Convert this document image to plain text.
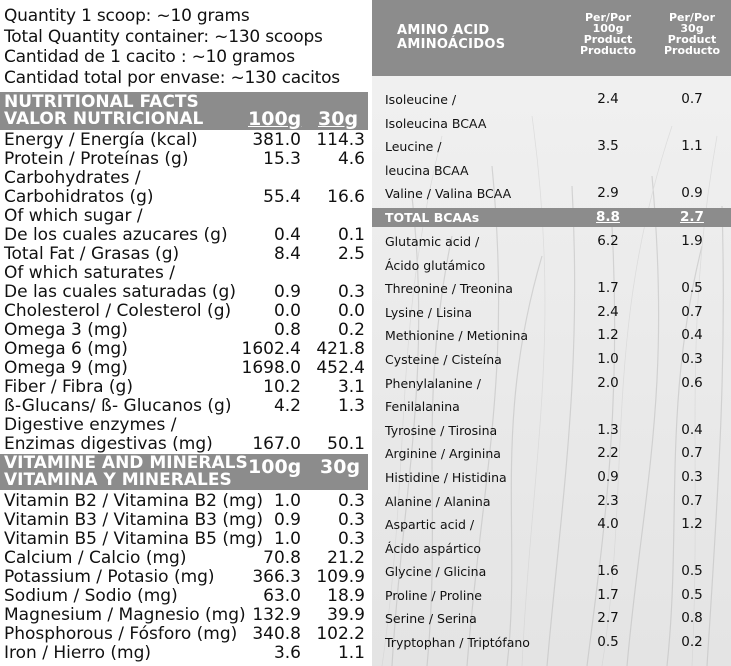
Quantity 1 scoop: ~10 grams
Total Quantity container: ~130 scoops
Cantidad de 1 cacito : ~10 gramos
Cantidad total por envase: ~130 cacitos
NUTRITIONAL FACTS
VALOR NUTRICIONAL 100g 30g
Energy / Energía (kcal)	381.0 114.3
Protein / Proteínas (g)	15.3 4.6
Carbohydrates /
Carbohidratos (g)	55.4 16.6
Of which sugar /
De los cuales azucares (g)	0.4 0.1
Total Fat / Grasas (g)	8.4 2.5
Of which saturates /
De las cuales saturadas (g) 0.9 0.3
Cholesterol / Colesterol (g)	0.0 0.0
Omega 3 (mg)	0.8 0.2
Omega 6 (mg)	1602.4 421.8
Omega 9 (mg)	1698.0 452.4
Fiber / Fibra (g)	10.2 3.1
ß-Glucans/ ß- Glucanos (g) 4.2 1.3
Digestive enzymes /
Enzimas digestivas (mg) 167.0 50.1
VITAMINE AND MINERALS
VITAMINA Y MINERALES
100g 30g
Vitamin B2 / Vitamina B2 (mg) 1.0 0.3
Vitamin B3 / Vitamina B3 (mg) 0.9 0.3
Vitamin B5 / Vitamina B5 (mg) 1.0 0.3
Calcium / Calcio (mg)	70.8 21.2
Potassium / Potasio (mg) 366.3 109.9
Sodium / Sodio (mg)	63.0 18.9
Magnesium / Magnesio (mg) 132.9 39.9
Phosphorous / Fósforo (mg) 340.8 102.2
Iron / Hierro (mg)	3.6 1.1
AMINO ACID
AMINOÁCIDOS
Per/Por
100g
Product
Producto
Per/Por
30g
Product
Producto
Isoleucine /
Isoleucina BCAA
2.4	0.7
Leucine /
leucina BCAA
3.5	1.1
Valine / Valina BCAA	2.9	0.9
TOTAL BCAAs	8.8	2.7
Glutamic acid /
Ácido glutámico
6.2	1.9
Threonine / Treonina	1.7	0.5
Lysine / Lisina	2.4	0.7
Methionine / Metionina	1.2	0.4
Cysteine / Cisteína	1.0	0.3
Phenylalanine /
Fenilalanina
2.0	0.6
Tyrosine / Tirosina	1.3	0.4
Arginine / Arginina	2.2	0.7
Histidine / Histidina	0.9	0.3
Alanine / Alanina	2.3	0.7
Aspartic acid /
Ácido aspártico
4.0	1.2
Glycine / Glicina	1.6	0.5
Proline / Proline	1.7	0.5
Serine / Serina	2.7	0.8
Tryptophan / Triptófano	0.5	0.2
